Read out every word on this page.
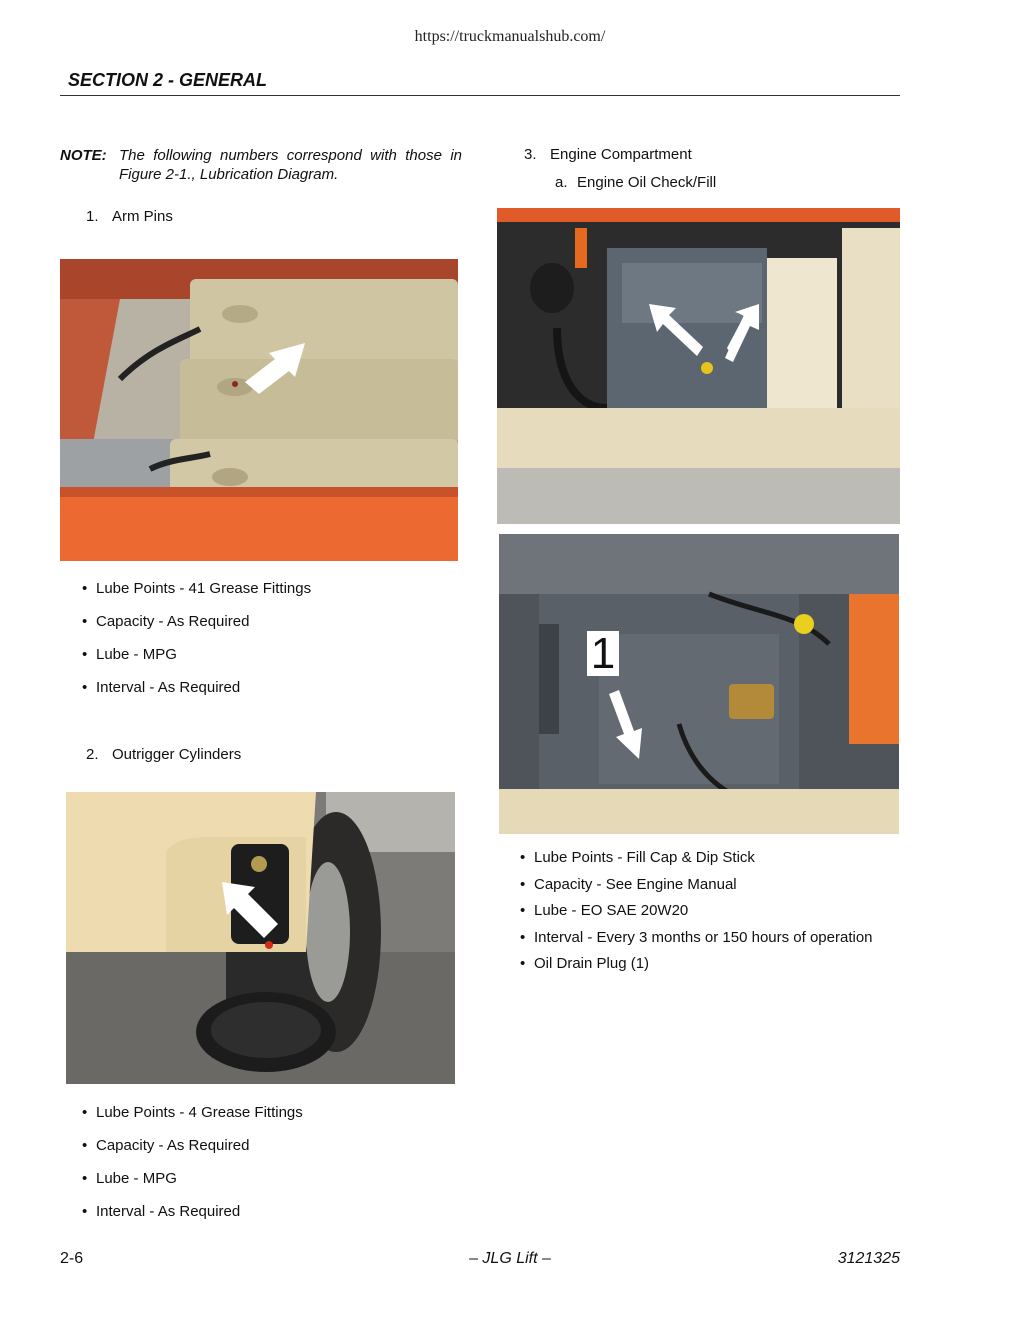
https://truckmanualshub.com/
SECTION 2 - GENERAL
NOTE: The following numbers correspond with those in Figure 2-1., Lubrication Diagram.
1. Arm Pins
• Lube Points - 41 Grease Fittings
• Capacity - As Required
• Lube - MPG
• Interval - As Required
2. Outrigger Cylinders
• Lube Points - 4 Grease Fittings
• Capacity - As Required
• Lube - MPG
• Interval - As Required
3. Engine Compartment
a. Engine Oil Check/Fill
1
• Lube Points - Fill Cap & Dip Stick
• Capacity - See Engine Manual
• Lube - EO SAE 20W20
• Interval - Every 3 months or 150 hours of operation
• Oil Drain Plug (1)
2-6	– JLG Lift –	3121325
